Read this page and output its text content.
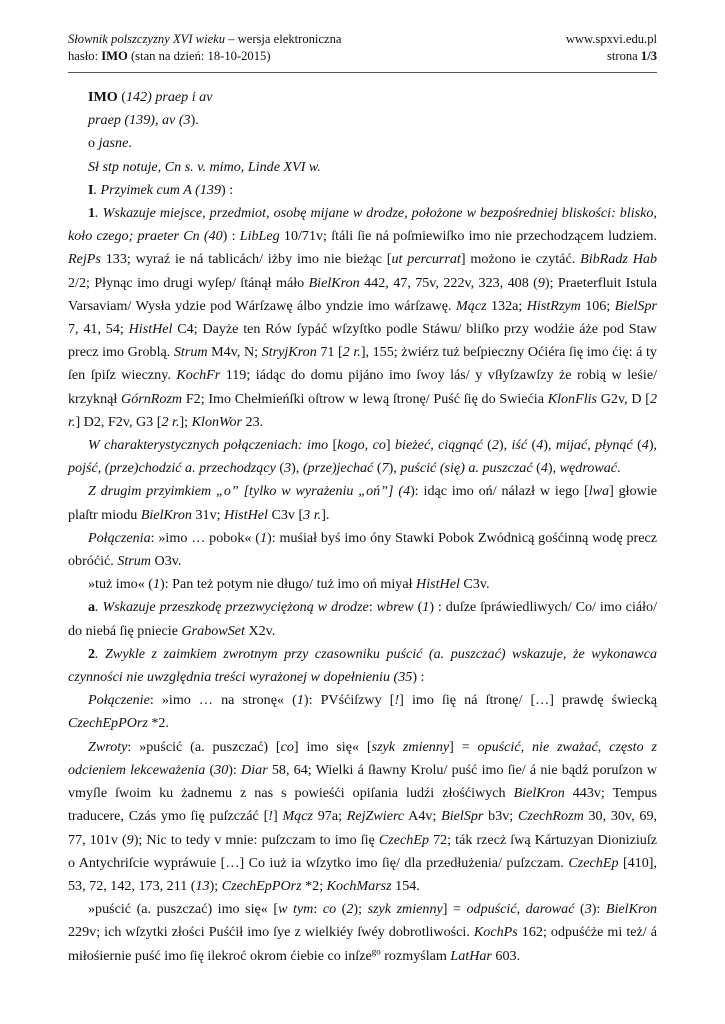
Słownik polszczyzny XVI wieku – wersja elektroniczna	www.spxvi.edu.pl
hasło: IMO (stan na dzień: 18-10-2015)	strona 1/3
IMO (142) praep i av
praep (139), av (3).
o jasne.
Sł stp notuje, Cn s. v. mimo, Linde XVI w.
I. Przyimek cum A (139) :

1. Wskazuje miejsce, przedmiot, osobę mijane w drodze, położone w bezpośredniej bliskości: blisko, koło czego; praeter Cn (40) : LibLeg 10/71v; ſtáli ſie ná poſmiewiſko imo nie przechodzącem ludziem. RejPs 133; wyraź ie ná tablicách/ iżby imo nie bieżąc [ut percurrat] możono ie czytáć. BibRadz Hab 2/2; Płynąc imo drugi wyſep/ ſtánął máło BielKron 442, 47, 75v, 222v, 323, 408 (9); Praeterfluit Istula Varsaviam/ Wysła ydzie pod Wárſzawę álbo yndzie imo wárſzawę. Mącz 132a; HistRzym 106; BielSpr 7, 41, 54; HistHel C4; Dayże ten Rów ſypáć wſzyſtko podle Stáwu/ bliſko przy wodźie áże pod Staw precz imo Groblą. Strum M4v, N; StryjKron 71 [2 r.], 155; żwiérz tuż beſpieczny Oćiéra ſię imo ćię: á ty ſen ſpiſz wieczny. KochFr 119; iádąc do domu pijáno imo ſwoy lás/ y vſłyſzawſzy że robią w leśie/ krzyknął GórnRozm F2; Imo Chełmieńſki oſtrow w lewą ſtronę/ Puść ſię do Swiećia KlonFlis G2v, D [2 r.] D2, F2v, G3 [2 r.]; KlonWor 23.

W charakterystycznych połączeniach: imo [kogo, co] bieżeć, ciągnąć (2), iść (4), mijać, płynąć (4), pojść, (prze)chodzić a. przechodzący (3), (prze)jechać (7), puścić (się) a. puszczać (4), wędrować.

Z drugim przyimkiem „o” [tylko w wyrażeniu „oń”] (4): idąc imo oń/ nálazł w iego [lwa] głowie plaſtr miodu BielKron 31v; HistHel C3v [3 r.].

Połączenia: »imo … pobok« (1): muśiał byś imo óny Stawki Pobok Zwódnicą gośćinną wodę precz obróćić. Strum O3v.

»tuż imo« (1): Pan też potym nie długo/ tuż imo oń miyał HistHel C3v.

a. Wskazuje przeszkodę przezwyciężoną w drodze: wbrew (1) : duſze ſpráwiedliwych/ Co/ imo ciáło/ do niebá ſię pniecie GrabowSet X2v.

2. Zwykle z zaimkiem zwrotnym przy czasowniku puścić (a. puszczać) wskazuje, że wykonawca czynności nie uwzględnia treści wyrażonej w dopełnieniu (35) :

Połączenie: »imo … na stronę« (1): PVśćiſzwy [!] imo ſię ná ſtronę/ […] prawdę świecką CzechEpPOrz *2.

Zwroty: »puścić (a. puszczać) [co] imo się« [szyk zmienny] = opuścić, nie zważać, często z odcieniem lekceważenia (30): Diar 58, 64; Wielki á ſławny Krolu/ puść imo ſie/ á nie bądź poruſzon w vmyſle ſwoim ku żadnemu z nas s powieśći opiſania ludźi złośćiwych BielKron 443v; Tempus traducere, Czás ymo ſię puſzczáć [!] Mącz 97a; RejZwierc A4v; BielSpr b3v; CzechRozm 30, 30v, 69, 77, 101v (9); Nic to tedy v mnie: puſzczam to imo ſię CzechEp 72; ták rzecż ſwą Kártuzyan Dioniziuſz o Antychriſcie wypráwuie […] Co iuż ia wſzytko imo ſię/ dla przedłużenia/ puſzczam. CzechEp [410], 53, 72, 142, 173, 211 (13); CzechEpPOrz *2; KochMarsz 154.

»puścić (a. puszczać) imo się« [w tym: co (2); szyk zmienny] = odpuścić, darować (3): BielKron 229v; ich wſzytki złości Puśćił imo ſye z wielkiéy ſwéy dobrotliwości. KochPs 162; odpuśćże mi też/ á miłośiernie puść imo ſię ilekroć okrom ćiebie co inſze$^{go}$ rozmyślam LatHar 603.
